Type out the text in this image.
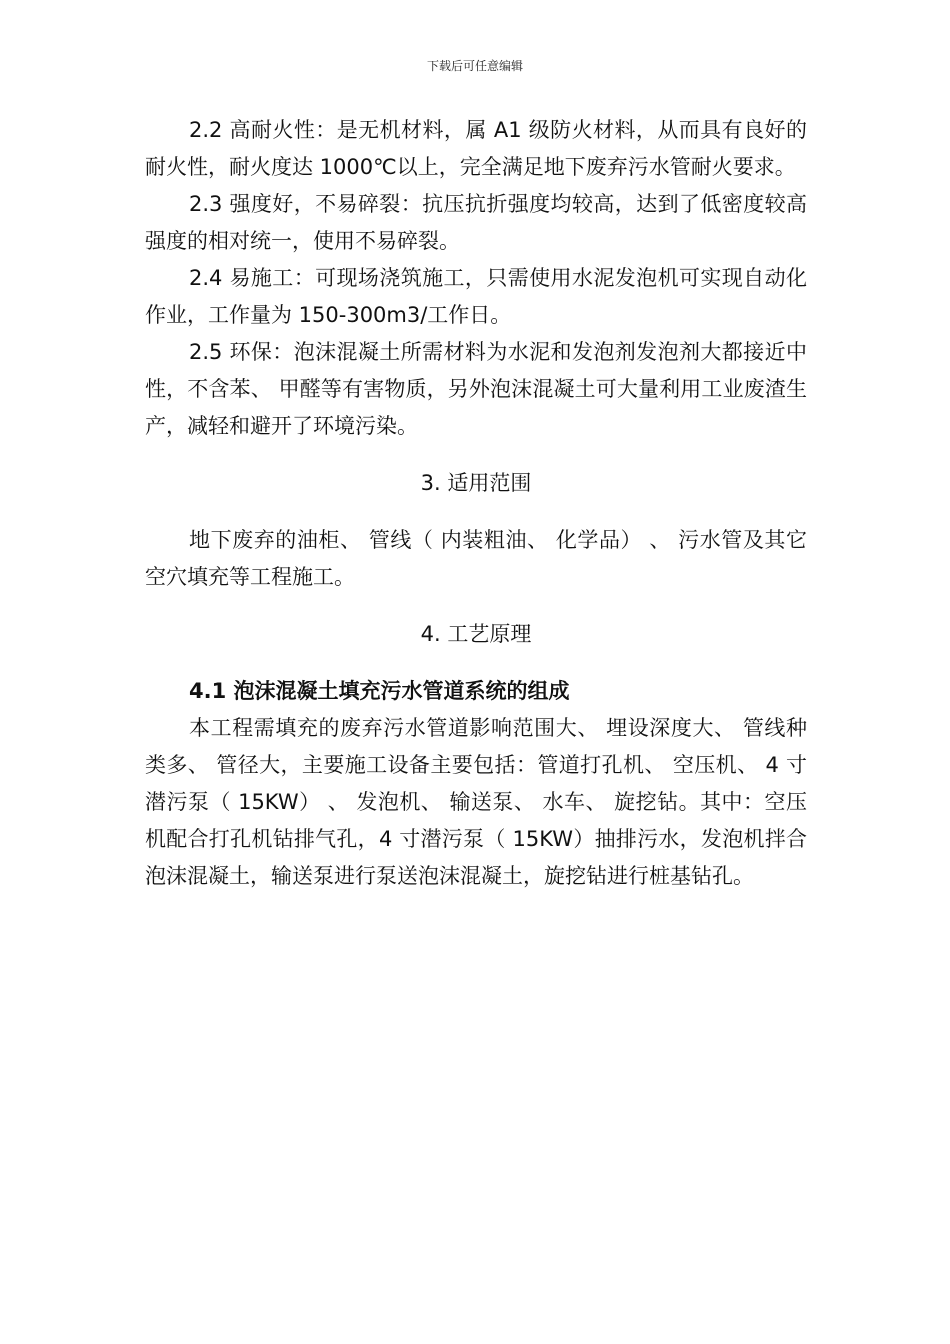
下载后可任意编辑

2.2 高耐火性：是无机材料，属 A1 级防火材料，从而具有良好的耐火性，耐火度达 1000℃以上，完全满足地下废弃污水管耐火要求。

2.3 强度好，不易碎裂：抗压抗折强度均较高，达到了低密度较高强度的相对统一，使用不易碎裂。

2.4 易施工：可现场浇筑施工，只需使用水泥发泡机可实现自动化作业，工作量为 150-300m3/工作日。

2.5 环保：泡沫混凝土所需材料为水泥和发泡剂发泡剂大都接近中性，不含苯、 甲醛等有害物质，另外泡沫混凝土可大量利用工业废渣生产，减轻和避开了环境污染。

3. 适用范围

地下废弃的油柜、 管线（ 内装粗油、 化学品） 、 污水管及其它空穴填充等工程施工。

4. 工艺原理

4.1 泡沫混凝土填充污水管道系统的组成

本工程需填充的废弃污水管道影响范围大、 埋设深度大、 管线种类多、 管径大，主要施工设备主要包括：管道打孔机、 空压机、 4 寸潜污泵（ 15KW） 、 发泡机、 输送泵、 水车、 旋挖钻。其中：空压机配合打孔机钻排气孔，4 寸潜污泵（ 15KW）抽排污水，发泡机拌合泡沫混凝土，输送泵进行泵送泡沫混凝土，旋挖钻进行桩基钻孔。
